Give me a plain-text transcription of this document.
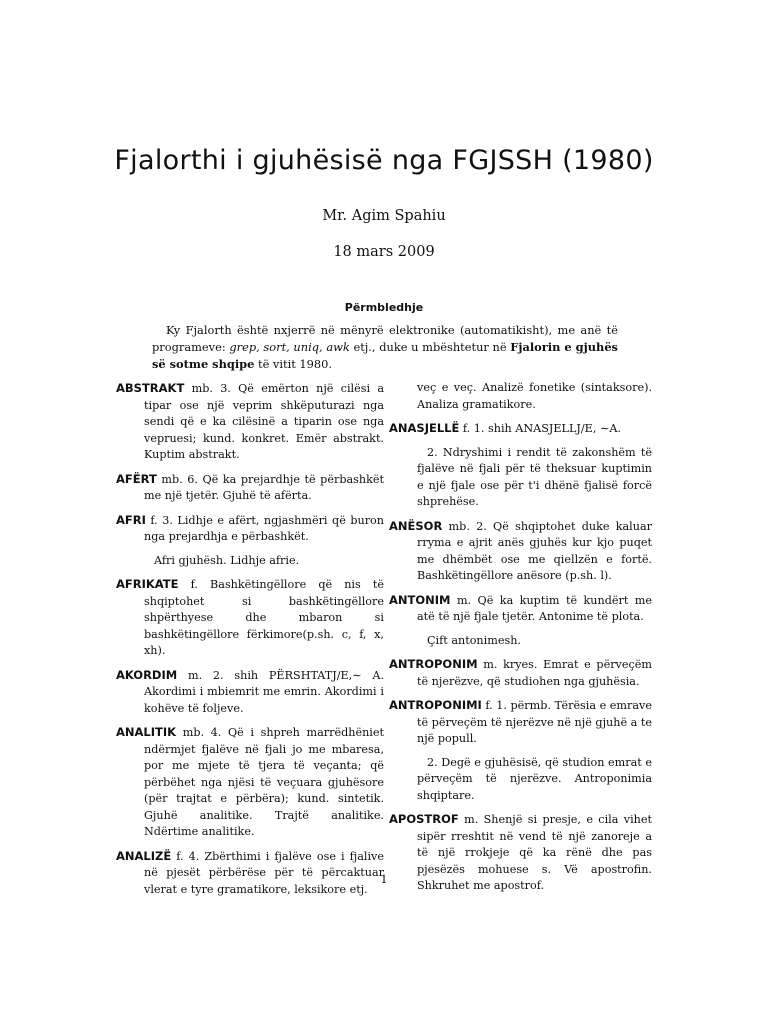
Fjalorthi i gjuhësisë nga FGJSSH (1980)
Mr. Agim Spahiu
18 mars 2009
Përmbledhje

Ky Fjalorth është nxjerrë në mënyrë elektronike (automatikisht), me anë të programeve: grep, sort, uniq, awk etj., duke u mbështetur në Fjalorin e gjuhës së sotme shqipe të vitit 1980.

ABSTRAKT mb. 3. Që emërton një cilësi a tipar ose një veprim shkëputurazi nga sendi që e ka cilësinë a tiparin ose nga vepruesi; kund. konkret. Emër abstrakt. Kuptim abstrakt.

AFËRT mb. 6. Që ka prejardhje të përbashkët me një tjetër. Gjuhë të afërta.

AFRI f. 3. Lidhje e afërt, ngjashmëri që buron nga prejardhja e përbashkët.

Afri gjuhësh. Lidhje afrie.

AFRIKATE f. Bashkëtingëllore që nis të shqiptohet si bashkëtingëllore shpërthyese dhe mbaron si bashkëtingëllore fërkimore(p.sh. c, f, x, xh).

AKORDIM m. 2. shih PËRSHTATJ/E,∼ A. Akordimi i mbiemrit me emrin. Akordimi i kohëve të foljeve.

ANALITIK mb. 4. Që i shpreh marrëdhëniet ndërmjet fjalëve në fjali jo me mbaresa, por me mjete të tjera të veçanta; që përbëhet nga njësi të veçuara gjuhësore (për trajtat e përbëra); kund. sintetik. Gjuhë analitike. Trajtë analitike. Ndërtime analitike.

ANALIZË f. 4. Zbërthimi i fjalëve ose i fjalive në pjesët përbërëse për të përcaktuar vlerat e tyre gramatikore, leksikore etj.

veç e veç. Analizë fonetike (sintaksore). Analiza gramatikore.

ANASJELLË f. 1. shih ANASJELLJ/E, ∼A.

2. Ndryshimi i rendit të zakonshëm të fjalëve në fjali për të theksuar kuptimin e një fjale ose për t'i dhënë fjalisë forcë shprehëse.

ANËSOR mb. 2. Që shqiptohet duke kaluar rryma e ajrit anës gjuhës kur kjo puqet me dhëmbët ose me qiellzën e fortë. Bashkëtingëllore anësore (p.sh. l).

ANTONIM m. Që ka kuptim të kundërt me atë të një fjale tjetër. Antonime të plota.

Çift antonimesh.

ANTROPONIM m. kryes. Emrat e përveçëm të njerëzve, që studiohen nga gjuhësia.

ANTROPONIMI f. 1. përmb. Tërësia e emrave të përveçëm të njerëzve në një gjuhë a te një popull.

2. Degë e gjuhësisë, që studion emrat e përveçëm të njerëzve. Antroponimia shqiptare.

APOSTROF m. Shenjë si presje, e cila vihet sipër rreshtit në vend të një zanoreje a të një rrokjeje që ka rënë dhe pas pjesëzës mohuese s. Vë apostrofin. Shkruhet me apostrof.

1
